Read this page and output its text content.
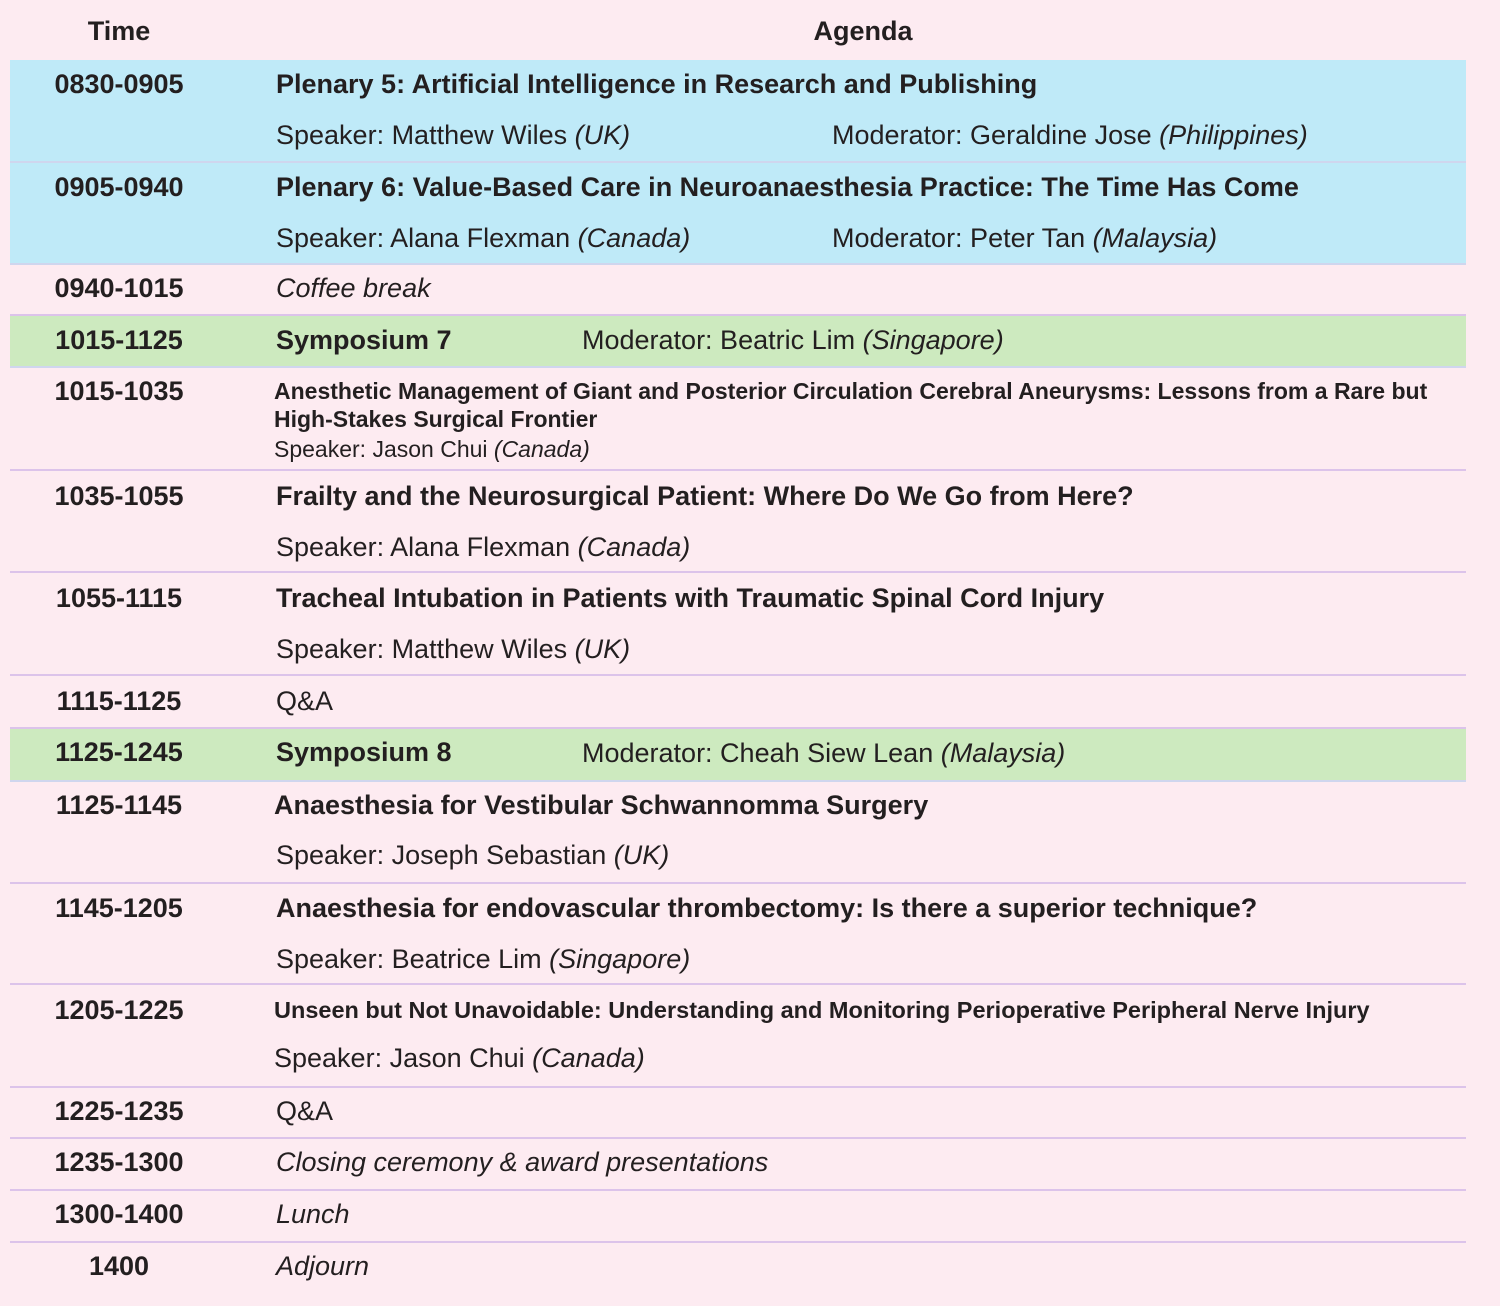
Time	Agenda
0830-0905	Plenary 5: Artificial Intelligence in Research and Publishing
Speaker: Matthew Wiles (UK)	Moderator: Geraldine Jose (Philippines)
0905-0940	Plenary 6: Value-Based Care in Neuroanaesthesia Practice: The Time Has Come
Speaker: Alana Flexman (Canada)	Moderator: Peter Tan (Malaysia)
0940-1015	Coffee break
1015-1125	Symposium 7	Moderator: Beatric Lim (Singapore)
1015-1035	Anesthetic Management of Giant and Posterior Circulation Cerebral Aneurysms: Lessons from a Rare but High-Stakes Surgical Frontier
Speaker: Jason Chui (Canada)
1035-1055	Frailty and the Neurosurgical Patient: Where Do We Go from Here?
Speaker: Alana Flexman (Canada)
1055-1115	Tracheal Intubation in Patients with Traumatic Spinal Cord Injury
Speaker: Matthew Wiles (UK)
1115-1125	Q&A
1125-1245	Symposium 8	Moderator: Cheah Siew Lean (Malaysia)
1125-1145	Anaesthesia for Vestibular Schwannomma Surgery
Speaker: Joseph Sebastian (UK)
1145-1205	Anaesthesia for endovascular thrombectomy: Is there a superior technique?
Speaker: Beatrice Lim (Singapore)
1205-1225	Unseen but Not Unavoidable: Understanding and Monitoring Perioperative Peripheral Nerve Injury
Speaker: Jason Chui (Canada)
1225-1235	Q&A
1235-1300	Closing ceremony & award presentations
1300-1400	Lunch
1400	Adjourn
